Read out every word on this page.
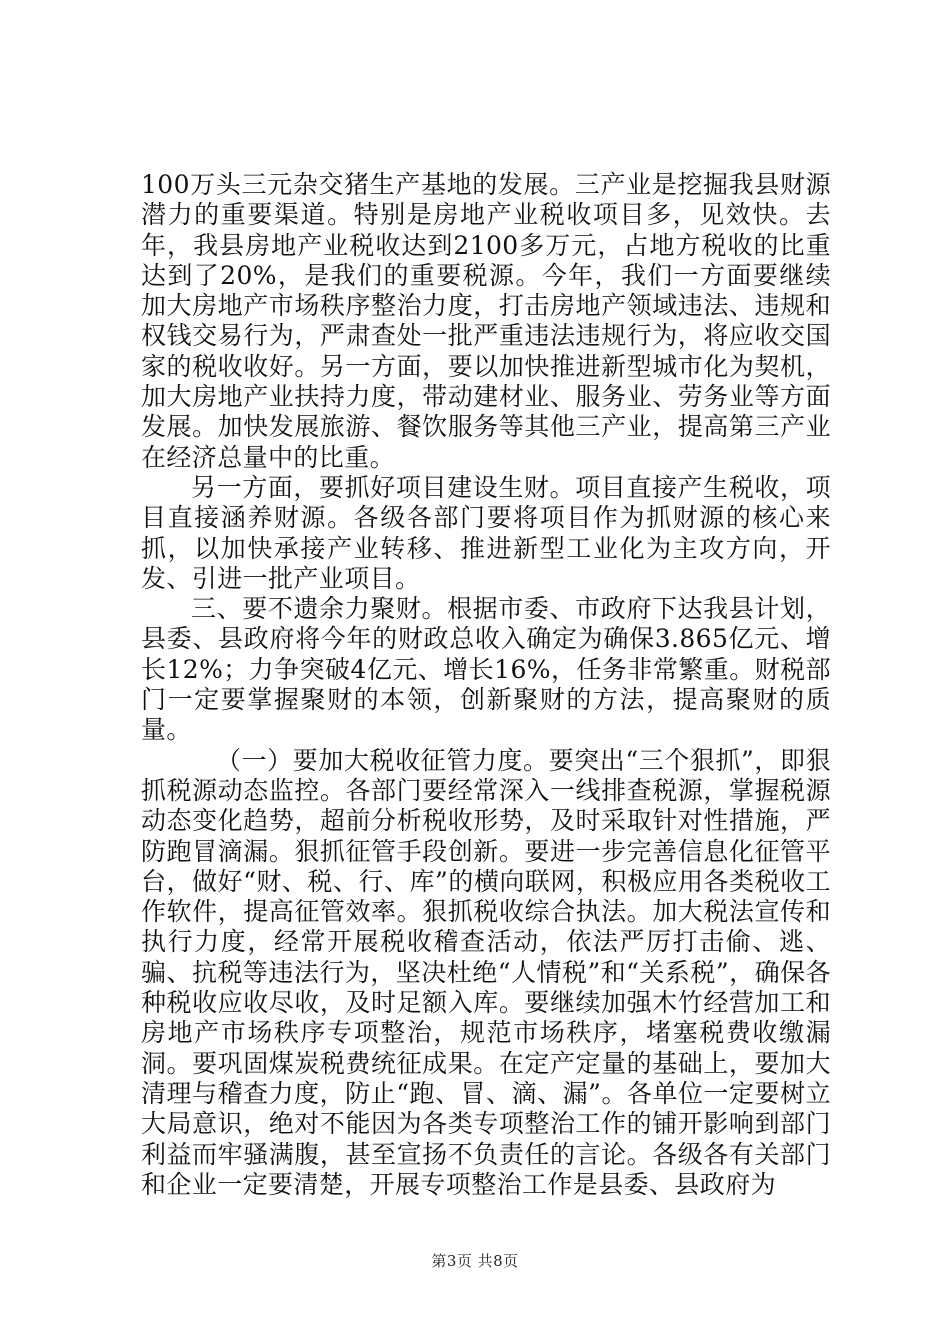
100万头三元杂交猪生产基地的发展。三产业是挖掘我县财源潜力的重要渠道。特别是房地产业税收项目多，见效快。去年，我县房地产业税收达到2100多万元，占地方税收的比重达到了20%，是我们的重要税源。今年，我们一方面要继续加大房地产市场秩序整治力度，打击房地产领域违法、违规和权钱交易行为，严肃查处一批严重违法违规行为，将应收交国家的税收收好。另一方面，要以加快推进新型城市化为契机，加大房地产业扶持力度，带动建材业、服务业、劳务业等方面发展。加快发展旅游、餐饮服务等其他三产业，提高第三产业在经济总量中的比重。

另一方面，要抓好项目建设生财。项目直接产生税收，项目直接涵养财源。各级各部门要将项目作为抓财源的核心来抓，以加快承接产业转移、推进新型工业化为主攻方向，开发、引进一批产业项目。

三、要不遗余力聚财。根据市委、市政府下达我县计划，县委、县政府将今年的财政总收入确定为确保3.865亿元、增长12%；力争突破4亿元、增长16%，任务非常繁重。财税部门一定要掌握聚财的本领，创新聚财的方法，提高聚财的质量。

（一）要加大税收征管力度。要突出“三个狠抓”，即狠抓税源动态监控。各部门要经常深入一线排查税源，掌握税源动态变化趋势，超前分析税收形势，及时采取针对性措施，严防跑冒滴漏。狠抓征管手段创新。要进一步完善信息化征管平台，做好“财、税、行、库”的横向联网，积极应用各类税收工作软件，提高征管效率。狠抓税收综合执法。加大税法宣传和执行力度，经常开展税收稽查活动，依法严厉打击偷、逃、骗、抗税等违法行为，坚决杜绝“人情税”和“关系税”，确保各种税收应收尽收，及时足额入库。要继续加强木竹经营加工和房地产市场秩序专项整治，规范市场秩序，堵塞税费收缴漏洞。要巩固煤炭税费统征成果。在定产定量的基础上，要加大清理与稽查力度，防止“跑、冒、滴、漏”。各单位一定要树立大局意识，绝对不能因为各类专项整治工作的铺开影响到部门利益而牢骚满腹，甚至宣扬不负责任的言论。各级各有关部门和企业一定要清楚，开展专项整治工作是县委、县政府为

第3页 共8页
